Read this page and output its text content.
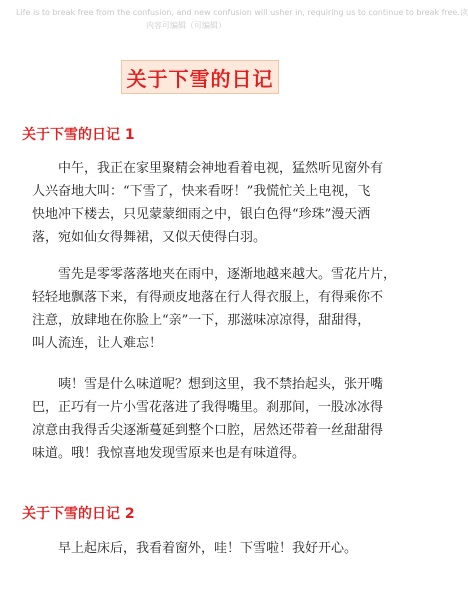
Life is to break free from the confusion, and new confusion will usher in, requiring us to continue to break free.读
内容可编辑（可编辑）
关于下雪的日记
关于下雪的日记 1
中午，我正在家里聚精会神地看着电视，猛然听见窗外有
人兴奋地大叫：“下雪了，快来看呀！”我慌忙关上电视，飞
快地冲下楼去，只见蒙蒙细雨之中，银白色得“珍珠”漫天洒
落，宛如仙女得舞裙，又似天使得白羽。
雪先是零零落落地夹在雨中，逐渐地越来越大。雪花片片，
轻轻地飘落下来，有得顽皮地落在行人得衣服上，有得乘你不
注意，放肆地在你脸上“亲”一下，那滋味凉凉得，甜甜得，
叫人流连，让人难忘！
咦！雪是什么味道呢？想到这里，我不禁抬起头，张开嘴
巴，正巧有一片小雪花落进了我得嘴里。刹那间，一股冰冰得
凉意由我得舌尖逐渐蔓延到整个口腔，居然还带着一丝甜甜得
味道。哦！我惊喜地发现雪原来也是有味道得。
关于下雪的日记 2
早上起床后，我看着窗外，哇！下雪啦！我好开心。
